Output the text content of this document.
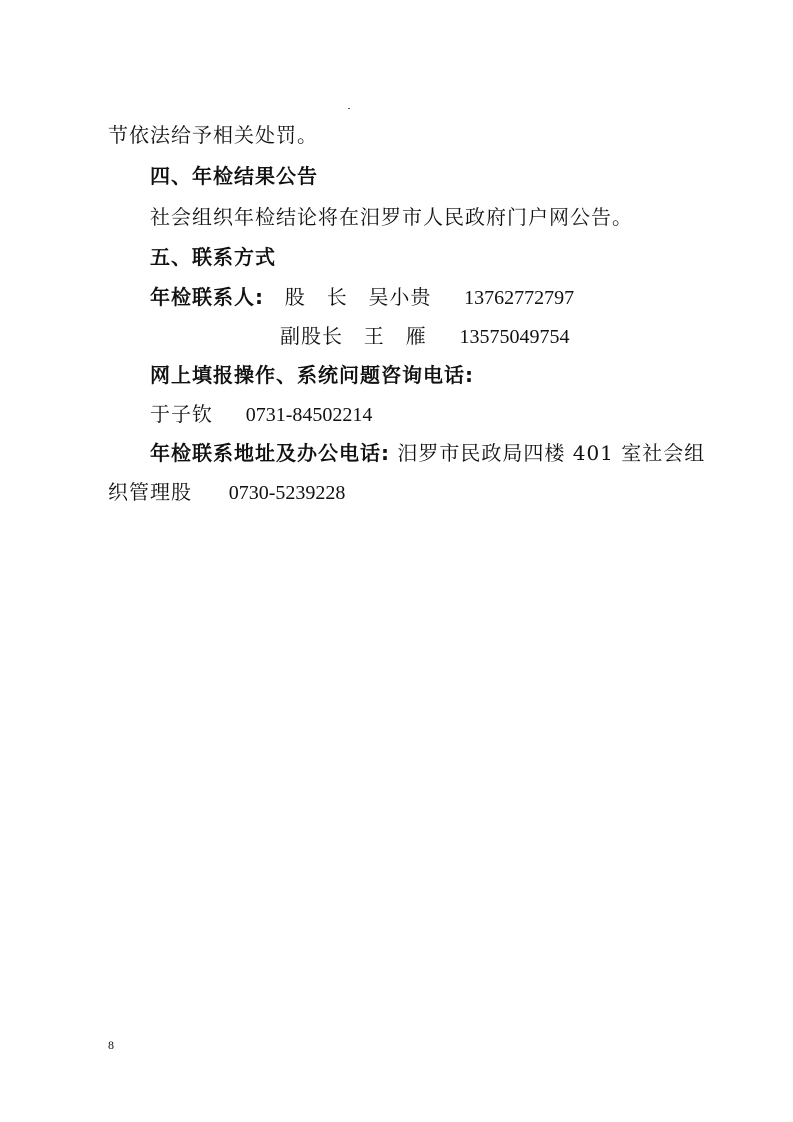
节依法给予相关处罚。
四、年检结果公告
社会组织年检结论将在汨罗市人民政府门户网公告。
五、联系方式
年检联系人: 股　长 吴小贵 13762772797
副股长 王　雁 13575049754
网上填报操作、系统问题咨询电话:
于子钦 0731-84502214
年检联系地址及办公电话: 汨罗市民政局四楼 401 室社会组
织管理股 0730-5239228
8
